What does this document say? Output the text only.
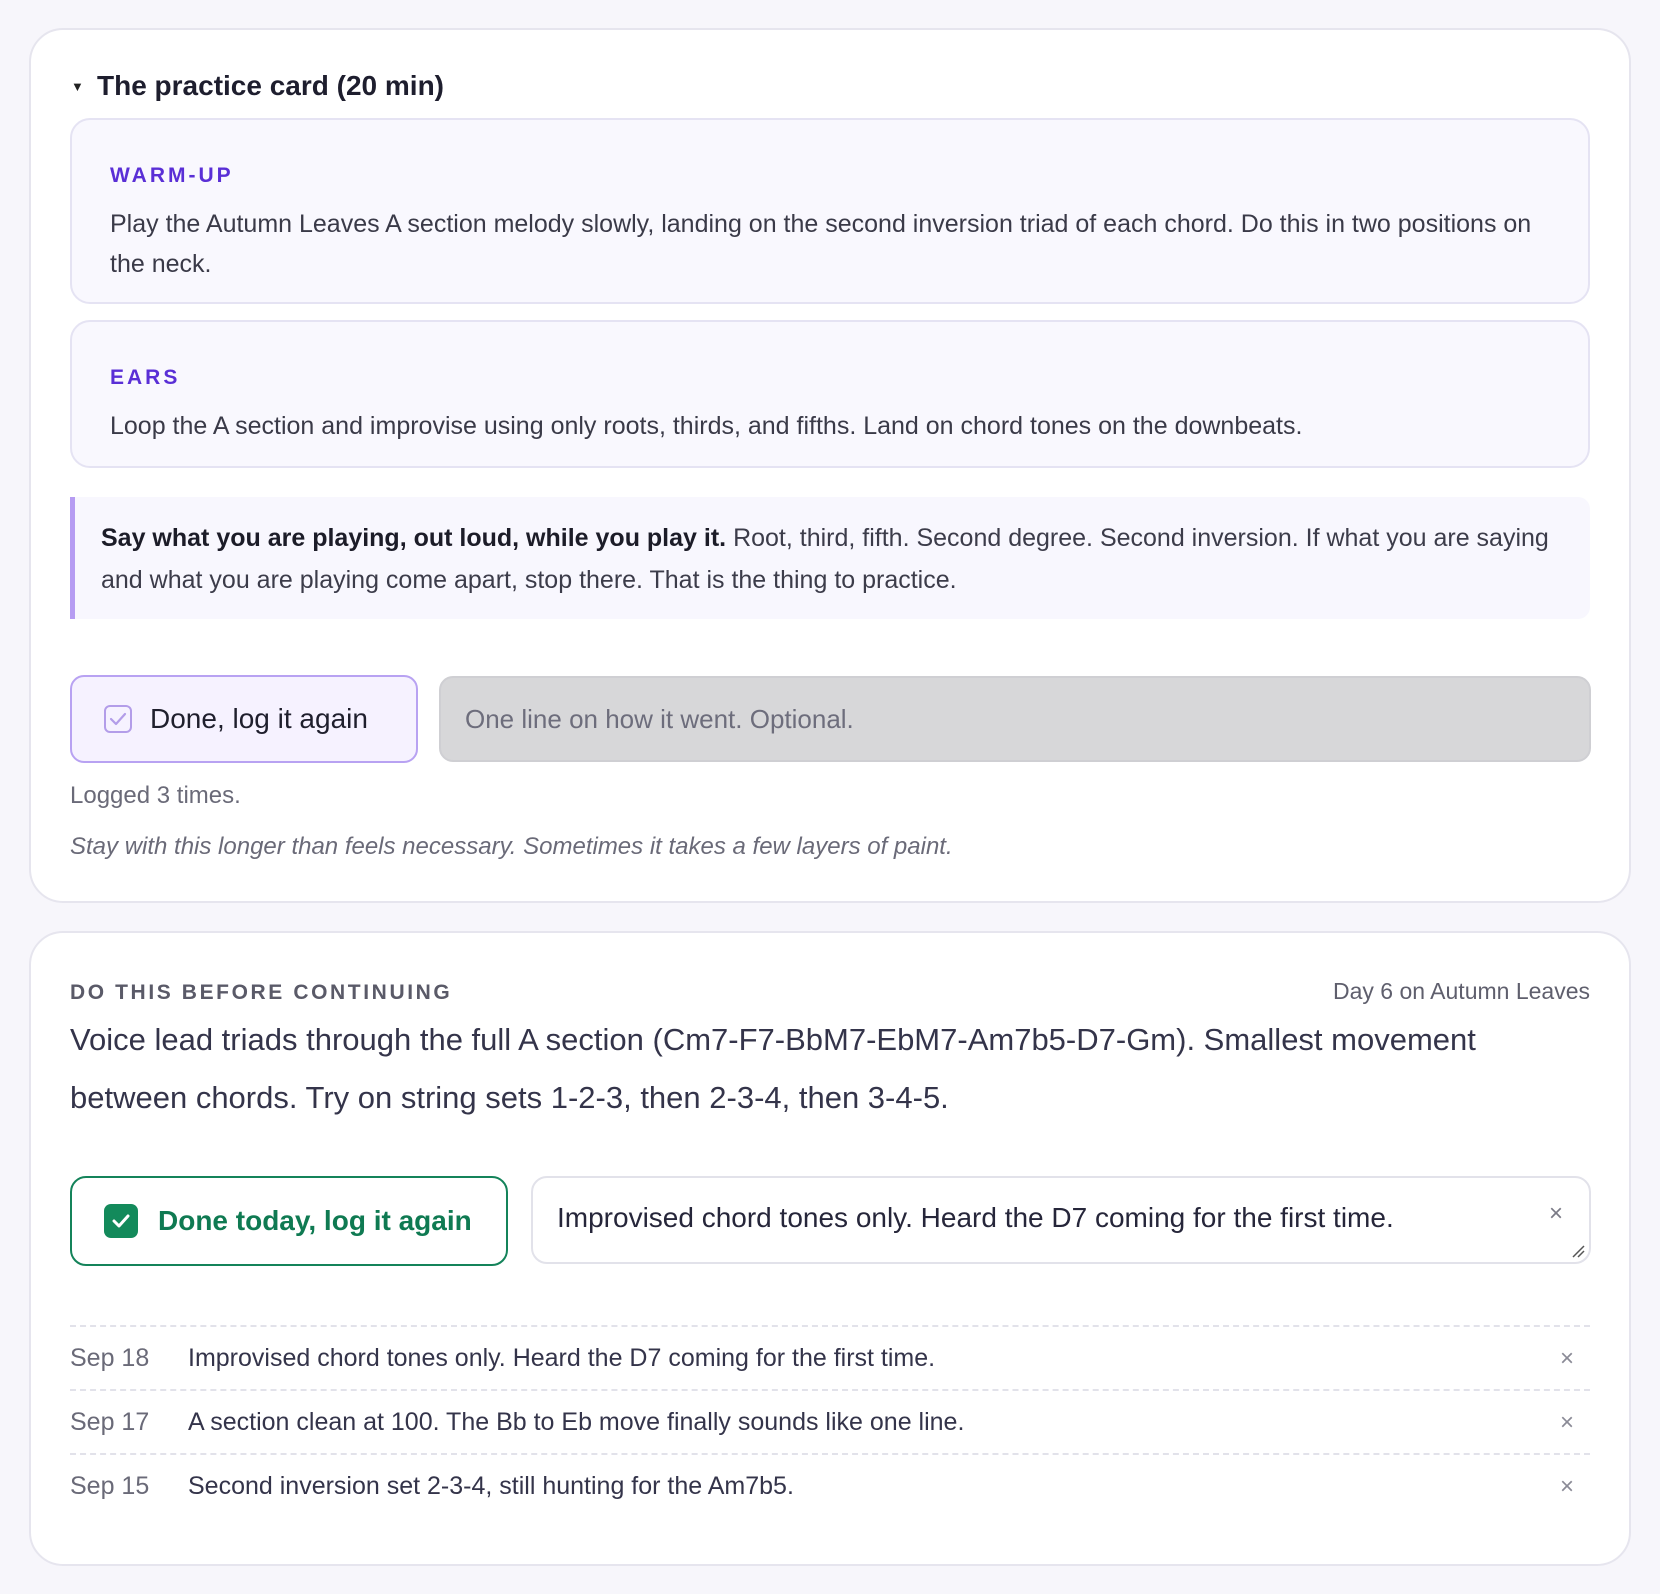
▼ The practice card (20 min)
WARM-UP
Play the Autumn Leaves A section melody slowly, landing on the second inversion triad of each chord. Do this in two positions on the neck.
EARS
Loop the A section and improvise using only roots, thirds, and fifths. Land on chord tones on the downbeats.
Say what you are playing, out loud, while you play it. Root, third, fifth. Second degree. Second inversion. If what you are saying and what you are playing come apart, stop there. That is the thing to practice.
Done, log it again
One line on how it went. Optional.
Logged 3 times.
Stay with this longer than feels necessary. Sometimes it takes a few layers of paint.
DO THIS BEFORE CONTINUING	Day 6 on Autumn Leaves
Voice lead triads through the full A section (Cm7-F7-BbM7-EbM7-Am7b5-D7-Gm). Smallest movement between chords. Try on string sets 1-2-3, then 2-3-4, then 3-4-5.
Done today, log it again	Improvised chord tones only. Heard the D7 coming for the first time.	×
Sep 18	Improvised chord tones only. Heard the D7 coming for the first time.	×
Sep 17	A section clean at 100. The Bb to Eb move finally sounds like one line.	×
Sep 15	Second inversion set 2-3-4, still hunting for the Am7b5.	×
